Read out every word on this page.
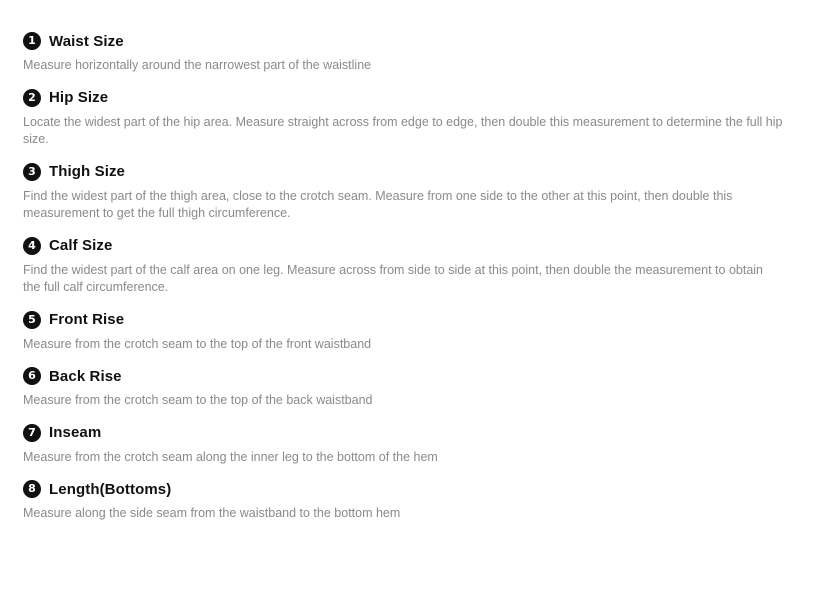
1 Waist Size

Measure horizontally around the narrowest part of the waistline

2 Hip Size

Locate the widest part of the hip area. Measure straight across from edge to edge, then double this measurement to determine the full hip size.

3 Thigh Size

Find the widest part of the thigh area, close to the crotch seam. Measure from one side to the other at this point, then double this measurement to get the full thigh circumference.

4 Calf Size

Find the widest part of the calf area on one leg. Measure across from side to side at this point, then double the measurement to obtain the full calf circumference.

5 Front Rise

Measure from the crotch seam to the top of the front waistband

6 Back Rise

Measure from the crotch seam to the top of the back waistband

7 Inseam

Measure from the crotch seam along the inner leg to the bottom of the hem

8 Length(Bottoms)

Measure along the side seam from the waistband to the bottom hem
